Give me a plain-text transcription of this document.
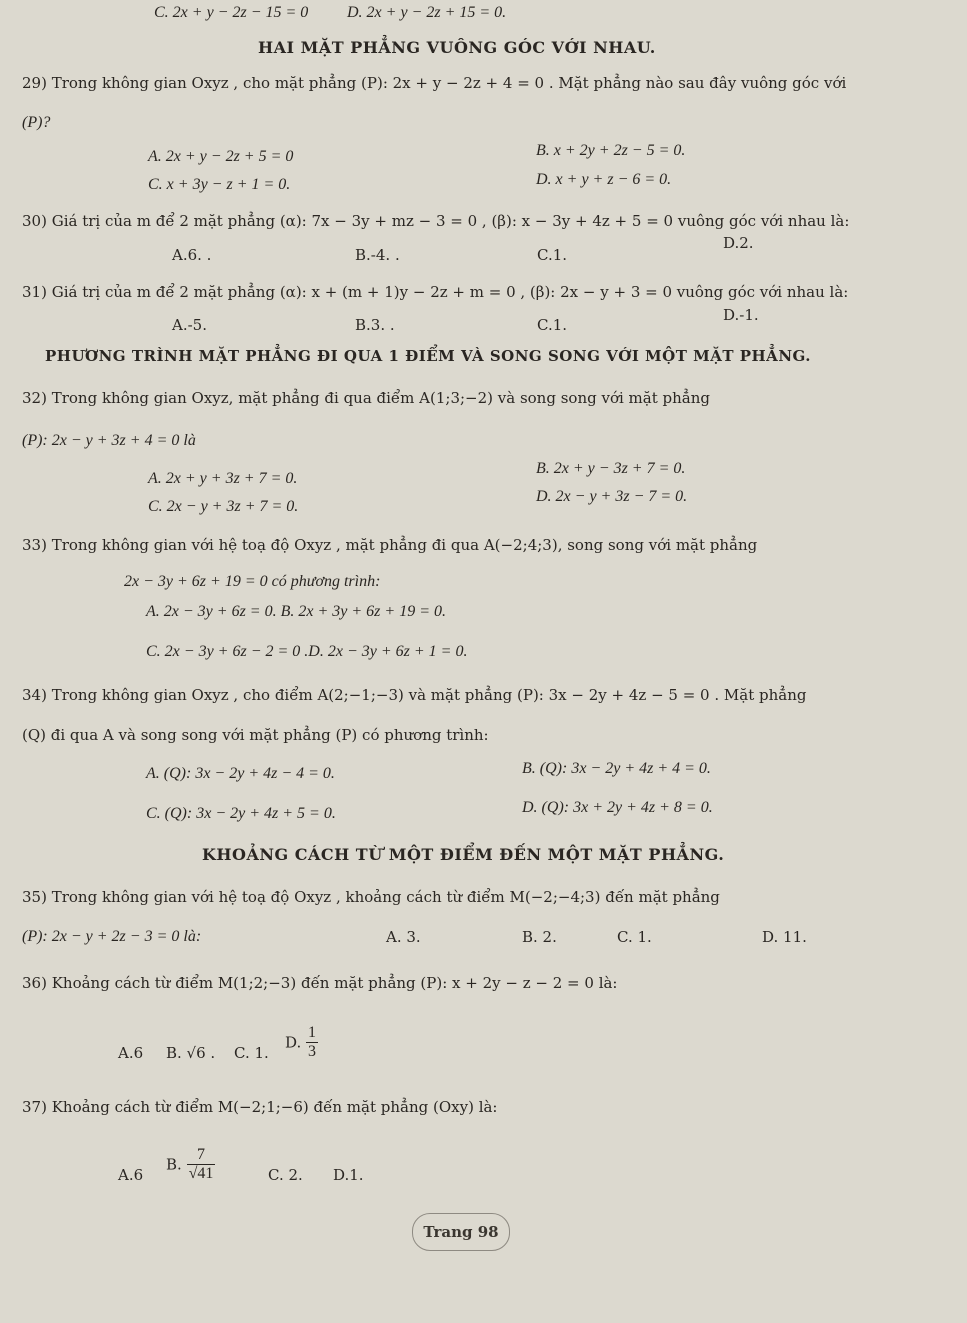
C. 2x + y − 2z − 15 = 0 D. 2x + y − 2z + 15 = 0.
HAI MẶT PHẲNG VUÔNG GÓC VỚI NHAU.
29) Trong không gian Oxyz , cho mặt phẳng (P): 2x + y − 2z + 4 = 0 . Mặt phẳng nào sau đây vuông góc với
(P)?
A. 2x + y − 2z + 5 = 0	B. x + 2y + 2z − 5 = 0.
C. x + 3y − z + 1 = 0.	D. x + y + z − 6 = 0.
30) Giá trị của m để 2 mặt phẳng (α): 7x − 3y + mz − 3 = 0 , (β): x − 3y + 4z + 5 = 0 vuông góc với nhau là:
A.6. .	B.-4. .	C.1.
D.2.
31) Giá trị của m để 2 mặt phẳng (α): x + (m + 1)y − 2z + m = 0 , (β): 2x − y + 3 = 0 vuông góc với nhau là:
A.-5.	B.3. .	C.1.
D.-1.
PHƯƠNG TRÌNH MẶT PHẲNG ĐI QUA 1 ĐIỂM VÀ SONG SONG VỚI MỘT MẶT PHẲNG.
32) Trong không gian Oxyz, mặt phẳng đi qua điểm A(1;3;−2) và song song với mặt phẳng
(P): 2x − y + 3z + 4 = 0 là
A. 2x + y + 3z + 7 = 0.
B. 2x + y − 3z + 7 = 0.
C. 2x − y + 3z + 7 = 0.
D. 2x − y + 3z − 7 = 0.
33) Trong không gian với hệ toạ độ Oxyz , mặt phẳng đi qua A(−2;4;3), song song với mặt phẳng
2x − 3y + 6z + 19 = 0 có phương trình:
A. 2x − 3y + 6z = 0. B. 2x + 3y + 6z + 19 = 0.
C. 2x − 3y + 6z − 2 = 0 .D. 2x − 3y + 6z + 1 = 0.
34) Trong không gian Oxyz , cho điểm A(2;−1;−3) và mặt phẳng (P): 3x − 2y + 4z − 5 = 0 . Mặt phẳng
(Q) đi qua A và song song với mặt phẳng (P) có phương trình:
A. (Q): 3x − 2y + 4z − 4 = 0.	B. (Q): 3x − 2y + 4z + 4 = 0.
C. (Q): 3x − 2y + 4z + 5 = 0.	D. (Q): 3x + 2y + 4z + 8 = 0.
KHOẢNG CÁCH TỪ MỘT ĐIỂM ĐẾN MỘT MẶT PHẲNG.
35) Trong không gian với hệ toạ độ Oxyz , khoảng cách từ điểm M(−2;−4;3) đến mặt phẳng
(P): 2x − y + 2z − 3 = 0 là:	A. 3.	B. 2.	C. 1.	D. 11.
36) Khoảng cách từ điểm M(1;2;−3) đến mặt phẳng (P): x + 2y − z − 2 = 0 là:
A.6 B. √6 . C. 1.
D. $\frac{1}{3}$
37) Khoảng cách từ điểm M(−2;1;−6) đến mặt phẳng (Oxy) là:
A.6
B. $\frac{7}{√41}$	C. 2. D.1.
Trang 98
